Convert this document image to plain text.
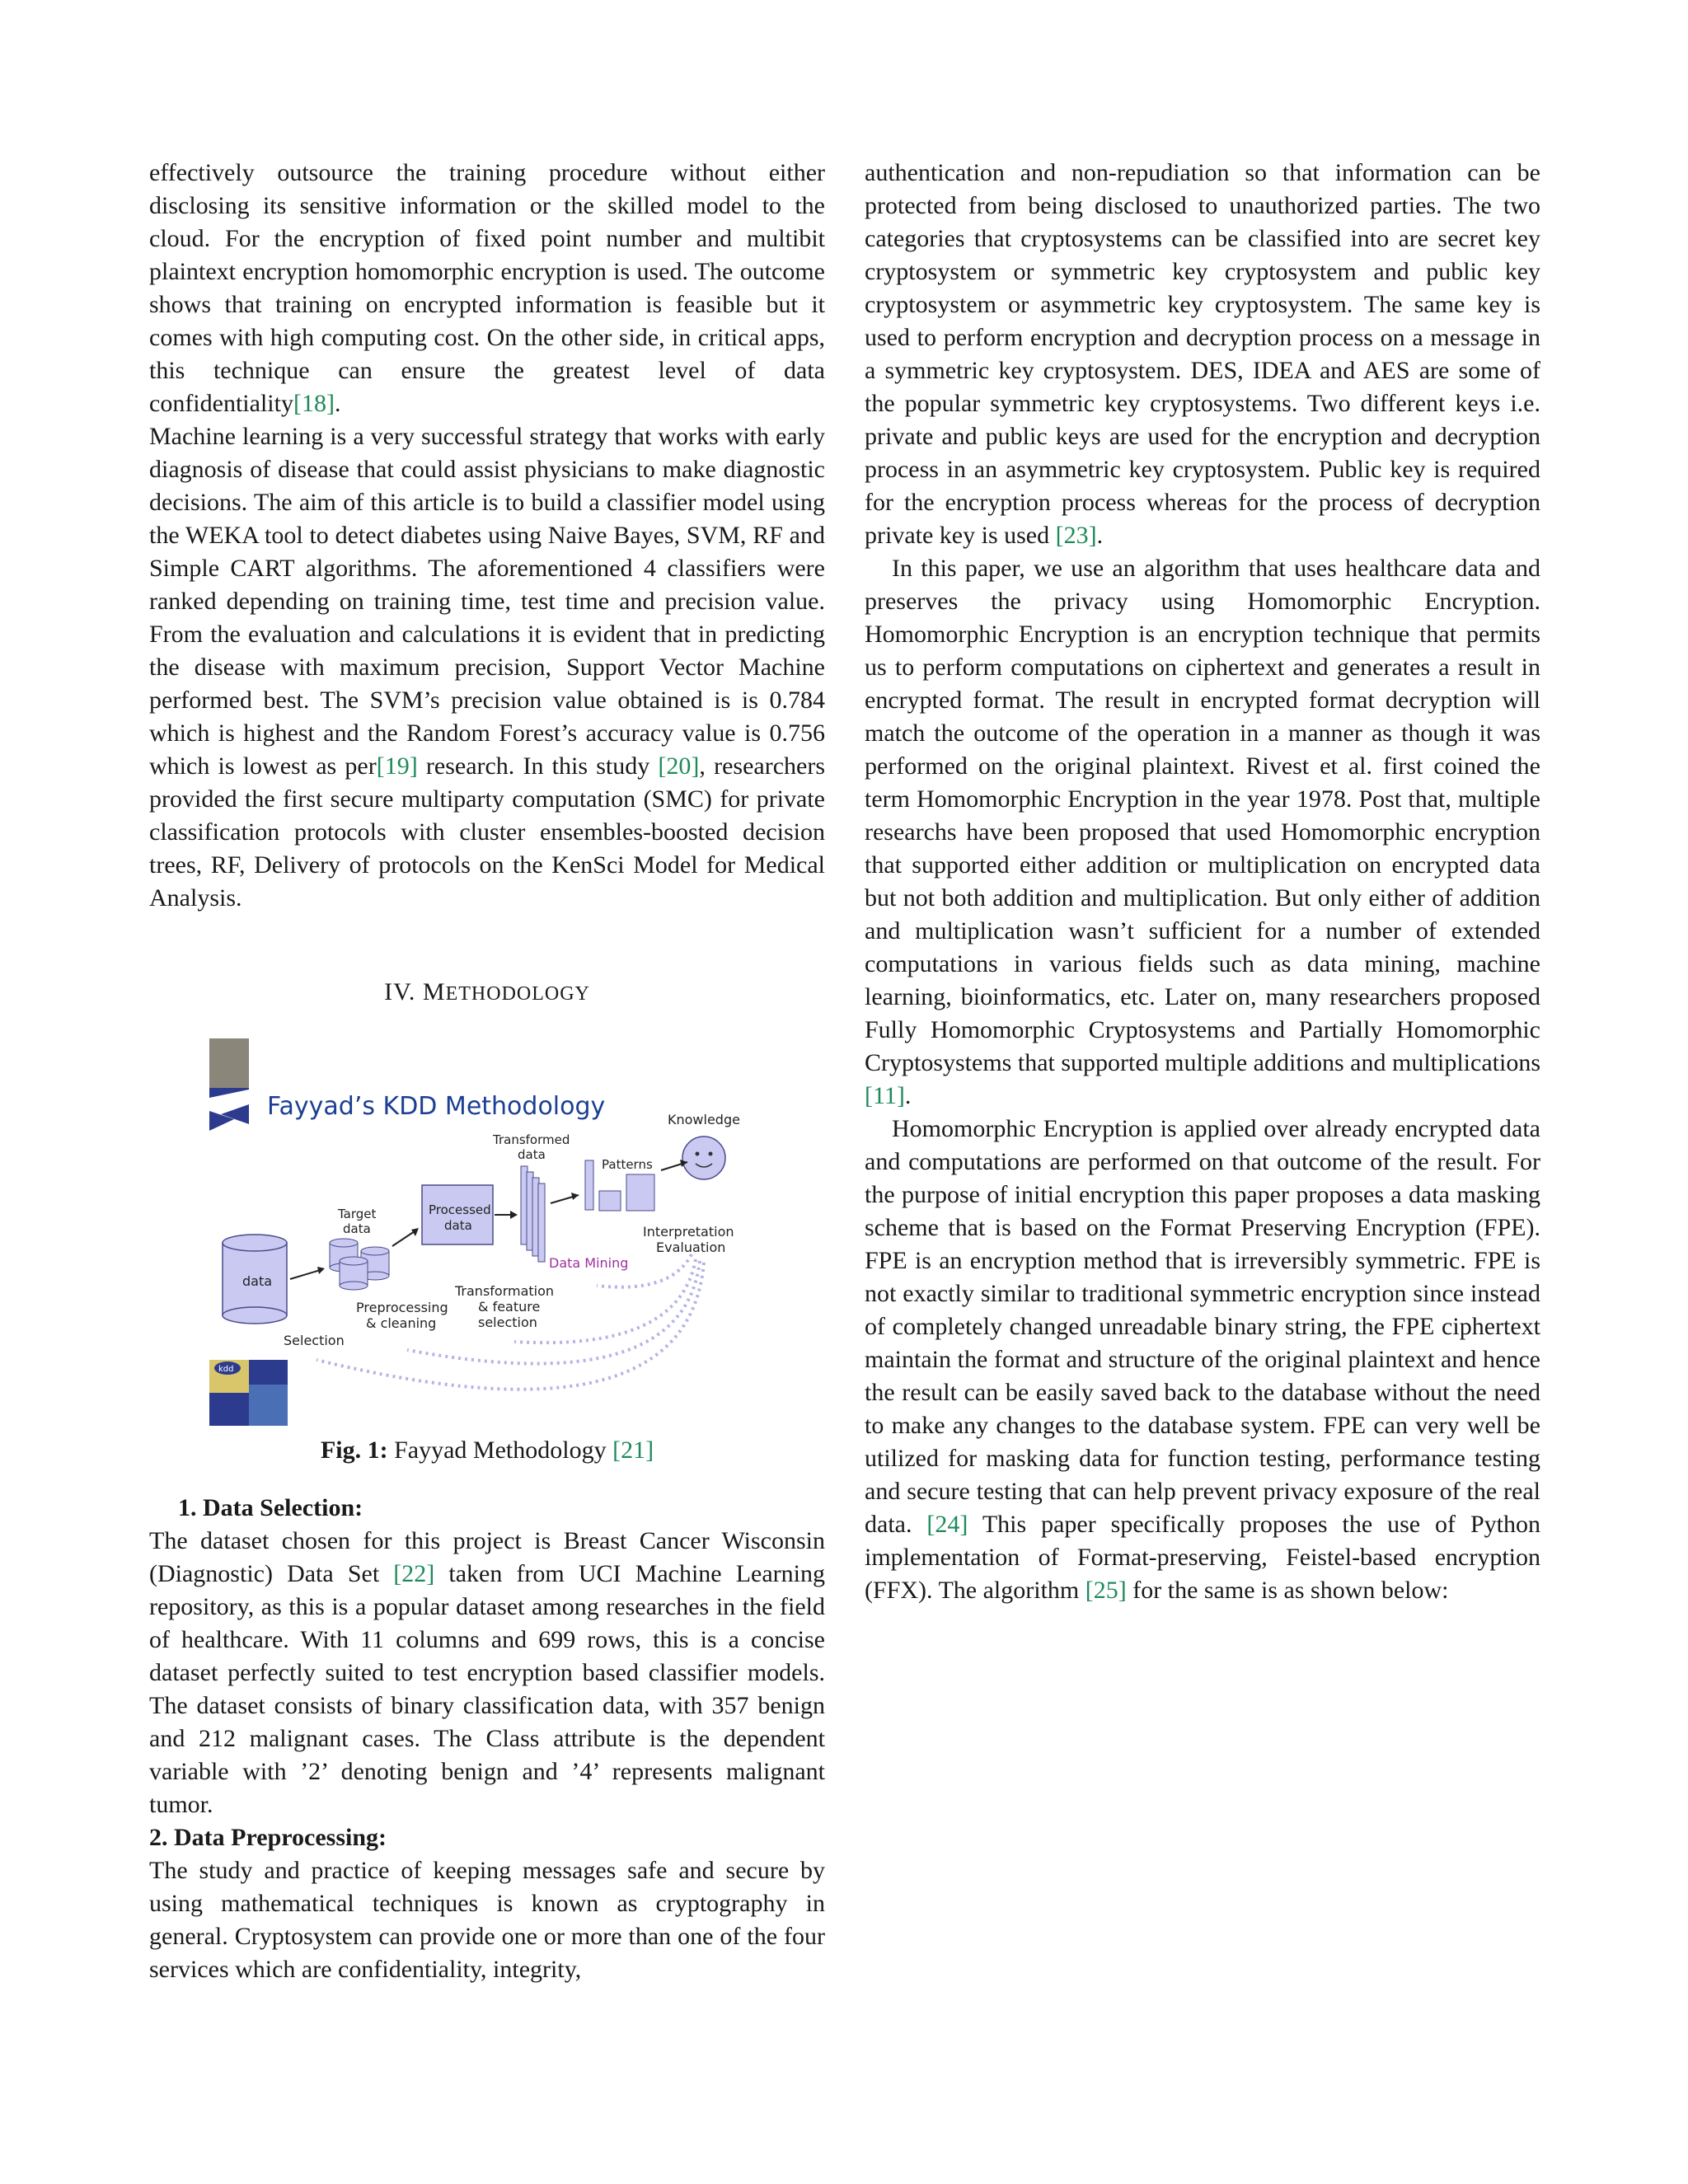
effectively outsource the training procedure without either disclosing its sensitive information or the skilled model to the cloud. For the encryption of fixed point number and multibit plaintext encryption homomorphic encryption is used. The outcome shows that training on encrypted information is feasible but it comes with high computing cost. On the other side, in critical apps, this technique can ensure the greatest level of data confidentiality[18].

Machine learning is a very successful strategy that works with early diagnosis of disease that could assist physicians to make diagnostic decisions. The aim of this article is to build a classifier model using the WEKA tool to detect diabetes using Naive Bayes, SVM, RF and Simple CART algorithms. The aforementioned 4 classifiers were ranked depending on training time, test time and precision value. From the evaluation and calculations it is evident that in predicting the disease with maximum precision, Support Vector Machine performed best. The SVM’s precision value obtained is is 0.784 which is highest and the Random Forest’s accuracy value is 0.756 which is lowest as per[19] research. In this study [20], researchers provided the first secure multiparty computation (SMC) for private classification protocols with cluster ensembles-boosted decision trees, RF, Delivery of protocols on the KenSci Model for Medical Analysis.

IV. METHODOLOGY
kdd
Fayyad’s KDD Methodology	Knowledge
Patterns
Transformed
data
Processed
data
Target
data
data
Interpretation
Evaluation
Data Mining
Transformation
& feature
selection
Preprocessing
& cleaning
Selection

Fig. 1: Fayyad Methodology [21]

1. Data Selection:

The dataset chosen for this project is Breast Cancer Wisconsin (Diagnostic) Data Set [22] taken from UCI Machine Learning repository, as this is a popular dataset among researches in the field of healthcare. With 11 columns and 699 rows, this is a concise dataset perfectly suited to test encryption based classifier models. The dataset consists of binary classification data, with 357 benign and 212 malignant cases. The Class attribute is the dependent variable with ’2’ denoting benign and ’4’ represents malignant tumor.

2. Data Preprocessing:

The study and practice of keeping messages safe and secure by using mathematical techniques is known as cryptography in general. Cryptosystem can provide one or more than one of the four services which are confidentiality, integrity,

authentication and non-repudiation so that information can be protected from being disclosed to unauthorized parties. The two categories that cryptosystems can be classified into are secret key cryptosystem or symmetric key cryptosystem and public key cryptosystem or asymmetric key cryptosystem. The same key is used to perform encryption and decryption process on a message in a symmetric key cryptosystem. DES, IDEA and AES are some of the popular symmetric key cryptosystems. Two different keys i.e. private and public keys are used for the encryption and decryption process in an asymmetric key cryptosystem. Public key is required for the encryption process whereas for the process of decryption private key is used [23].

In this paper, we use an algorithm that uses healthcare data and preserves the privacy using Homomorphic Encryption. Homomorphic Encryption is an encryption technique that permits us to perform computations on ciphertext and generates a result in encrypted format. The result in encrypted format decryption will match the outcome of the operation in a manner as though it was performed on the original plaintext. Rivest et al. first coined the term Homomorphic Encryption in the year 1978. Post that, multiple researchs have been proposed that used Homomorphic encryption that supported either addition or multiplication on encrypted data but not both addition and multiplication. But only either of addition and multiplication wasn’t sufficient for a number of extended computations in various fields such as data mining, machine learning, bioinformatics, etc. Later on, many researchers proposed Fully Homomorphic Cryptosystems and Partially Homomorphic Cryptosystems that supported multiple additions and multiplications [11].

Homomorphic Encryption is applied over already encrypted data and computations are performed on that outcome of the result. For the purpose of initial encryption this paper proposes a data masking scheme that is based on the Format Preserving Encryption (FPE). FPE is an encryption method that is irreversibly symmetric. FPE is not exactly similar to traditional symmetric encryption since instead of completely changed unreadable binary string, the FPE ciphertext maintain the format and structure of the original plaintext and hence the result can be easily saved back to the database without the need to make any changes to the database system. FPE can very well be utilized for masking data for function testing, performance testing and secure testing that can help prevent privacy exposure of the real data. [24] This paper specifically proposes the use of Python implementation of Format-preserving, Feistel-based encryption (FFX). The algorithm [25] for the same is as shown below:
